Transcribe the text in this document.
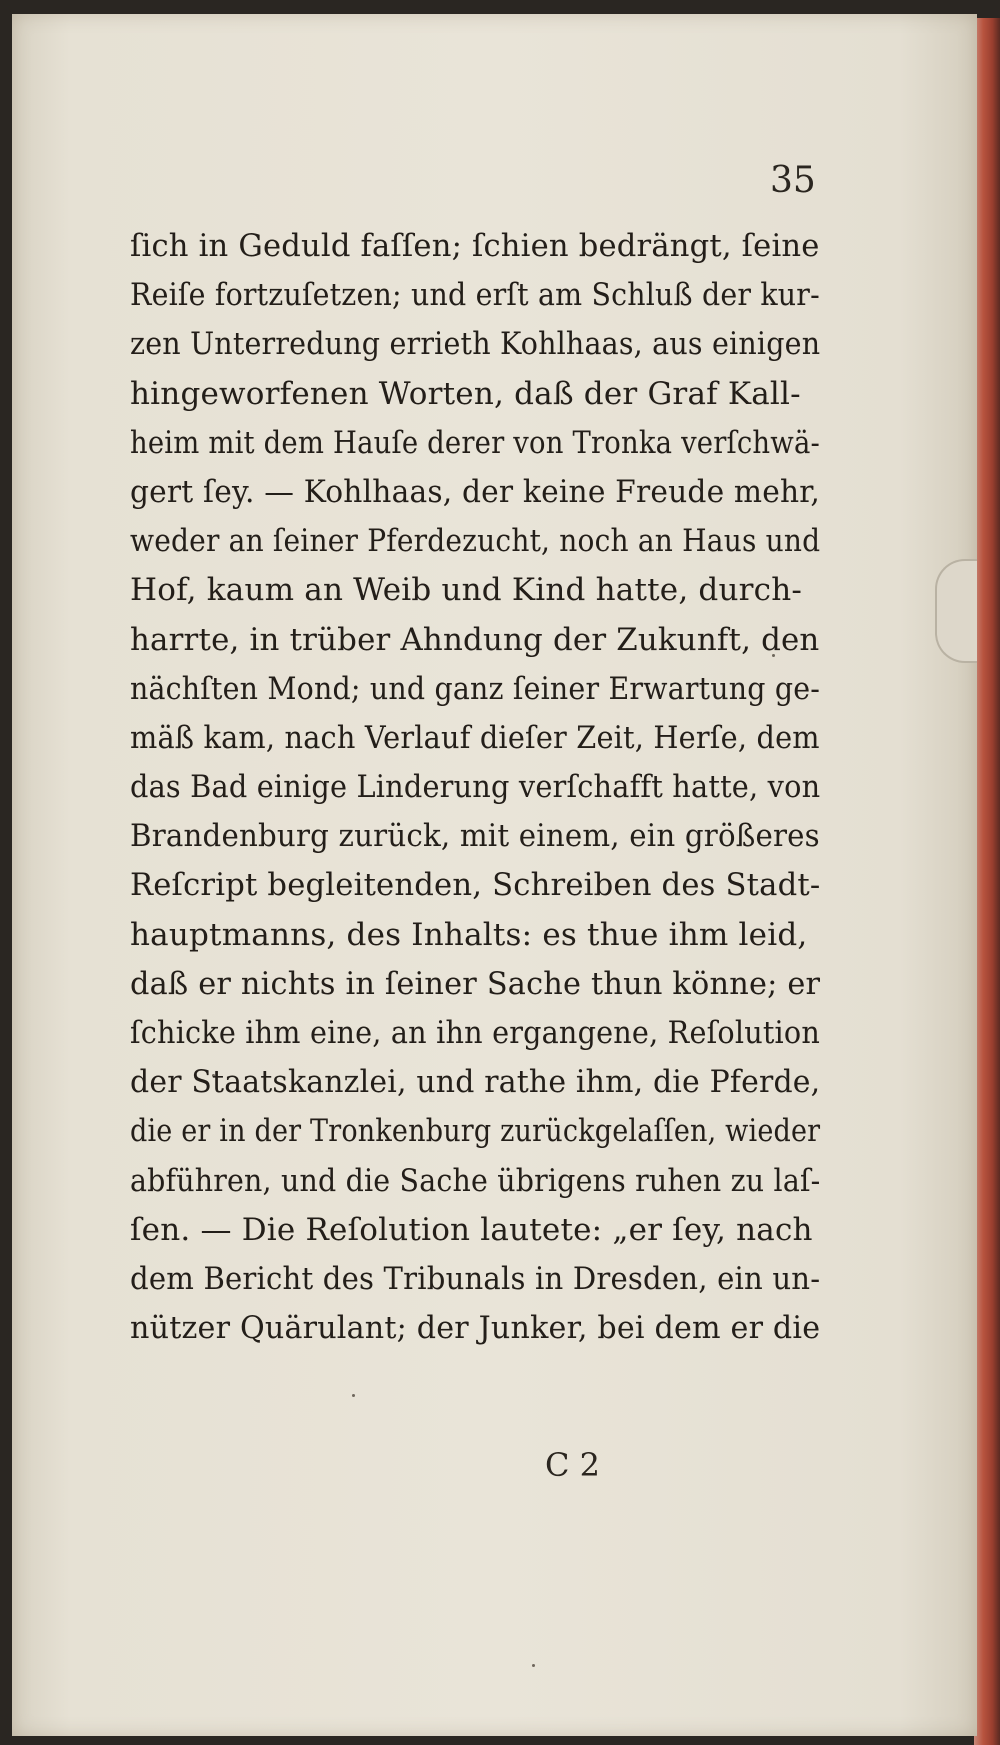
35
ſich in Geduld faſſen; ſchien bedrängt, ſeine
Reiſe fortzuſetzen; und erſt am Schluß der kur-
zen Unterredung errieth Kohlhaas, aus einigen
hingeworfenen Worten, daß der Graf Kall-
heim mit dem Hauſe derer von Tronka verſchwä-
gert ſey. — Kohlhaas, der keine Freude mehr,
weder an ſeiner Pferdezucht, noch an Haus und
Hof, kaum an Weib und Kind hatte, durch-
harrte, in trüber Ahndung der Zukunft, den
nächſten Mond; und ganz ſeiner Erwartung ge-
mäß kam, nach Verlauf dieſer Zeit, Herſe, dem
das Bad einige Linderung verſchafft hatte, von
Brandenburg zurück, mit einem, ein größeres
Reſcript begleitenden, Schreiben des Stadt-
hauptmanns, des Inhalts: es thue ihm leid,
daß er nichts in ſeiner Sache thun könne; er
ſchicke ihm eine, an ihn ergangene, Reſolution
der Staatskanzlei, und rathe ihm, die Pferde,
die er in der Tronkenburg zurückgelaſſen, wieder
abführen, und die Sache übrigens ruhen zu laſ-
ſen. — Die Reſolution lautete: „er ſey, nach
dem Bericht des Tribunals in Dresden, ein un-
nützer Quärulant; der Junker, bei dem er die
C 2
